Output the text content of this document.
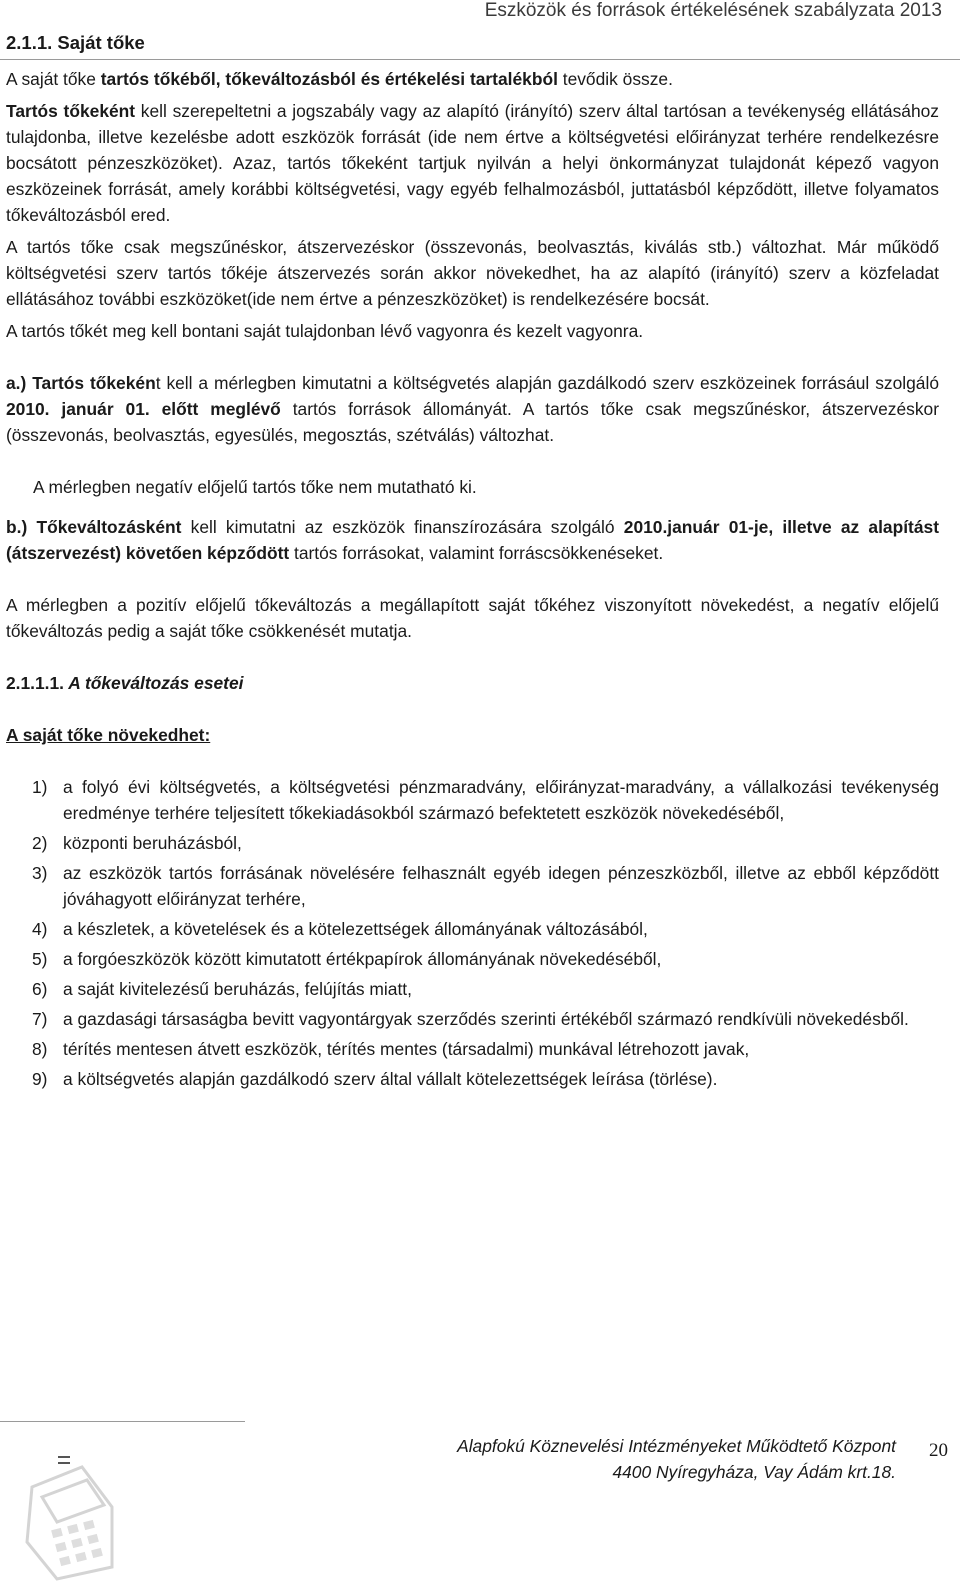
Eszközök és források értékelésének szabályzata 2013
2.1.1. Saját tőke

A saját tőke tartós tőkéből, tőkeváltozásból és értékelési tartalékból tevődik össze.

Tartós tőkeként kell szerepeltetni a jogszabály vagy az alapító (irányító) szerv által tartósan a tevékenység ellátásához tulajdonba, illetve kezelésbe adott eszközök forrását (ide nem értve a költségvetési előirányzat terhére rendelkezésre bocsátott pénzeszközöket). Azaz, tartós tőkeként tartjuk nyilván a helyi önkormányzat tulajdonát képező vagyon eszközeinek forrását, amely korábbi költségvetési, vagy egyéb felhalmozásból, juttatásból képződött, illetve folyamatos tőkeváltozásból ered.

A tartós tőke csak megszűnéskor, átszervezéskor (összevonás, beolvasztás, kiválás stb.) változhat. Már működő költségvetési szerv tartós tőkéje átszervezés során akkor növekedhet, ha az alapító (irányító) szerv a közfeladat ellátásához további eszközöket(ide nem értve a pénzeszközöket) is rendelkezésére bocsát.

A tartós tőkét meg kell bontani saját tulajdonban lévő vagyonra és kezelt vagyonra.

a.) Tartós tőkeként kell a mérlegben kimutatni a költségvetés alapján gazdálkodó szerv eszközeinek forrásául szolgáló 2010. január 01. előtt meglévő tartós források állományát. A tartós tőke csak megszűnéskor, átszervezéskor (összevonás, beolvasztás, egyesülés, megosztás, szétválás) változhat.

A mérlegben negatív előjelű tartós tőke nem mutatható ki.

b.) Tőkeváltozásként kell kimutatni az eszközök finanszírozására szolgáló 2010.január 01-je, illetve az alapítást (átszervezést) követően képződött tartós forrásokat, valamint forráscsökkenéseket.

A mérlegben a pozitív előjelű tőkeváltozás a megállapított saját tőkéhez viszonyított növekedést, a negatív előjelű tőkeváltozás pedig a saját tőke csökkenését mutatja.

2.1.1.1. A tőkeváltozás esetei

A saját tőke növekedhet:

1) a folyó évi költségvetés, a költségvetési pénzmaradvány, előirányzat-maradvány, a vállalkozási tevékenység eredménye terhére teljesített tőkekiadásokból származó befektetett eszközök növekedéséből,
2) központi beruházásból,
3) az eszközök tartós forrásának növelésére felhasznált egyéb idegen pénzeszközből, illetve az ebből képződött jóváhagyott előirányzat terhére,
4) a készletek, a követelések és a kötelezettségek állományának változásából,
5) a forgóeszközök között kimutatott értékpapírok állományának növekedéséből,
6) a saját kivitelezésű beruházás, felújítás miatt,
7) a gazdasági társaságba bevitt vagyontárgyak szerződés szerinti értékéből származó rendkívüli növekedésből.
8) térítés mentesen átvett eszközök, térítés mentes (társadalmi) munkával létrehozott javak,
9) a költségvetés alapján gazdálkodó szerv által vállalt kötelezettségek leírása (törlése).
Alapfokú Köznevelési Intézményeket Működtető Központ
4400 Nyíregyháza, Vay Ádám krt.18.
20
